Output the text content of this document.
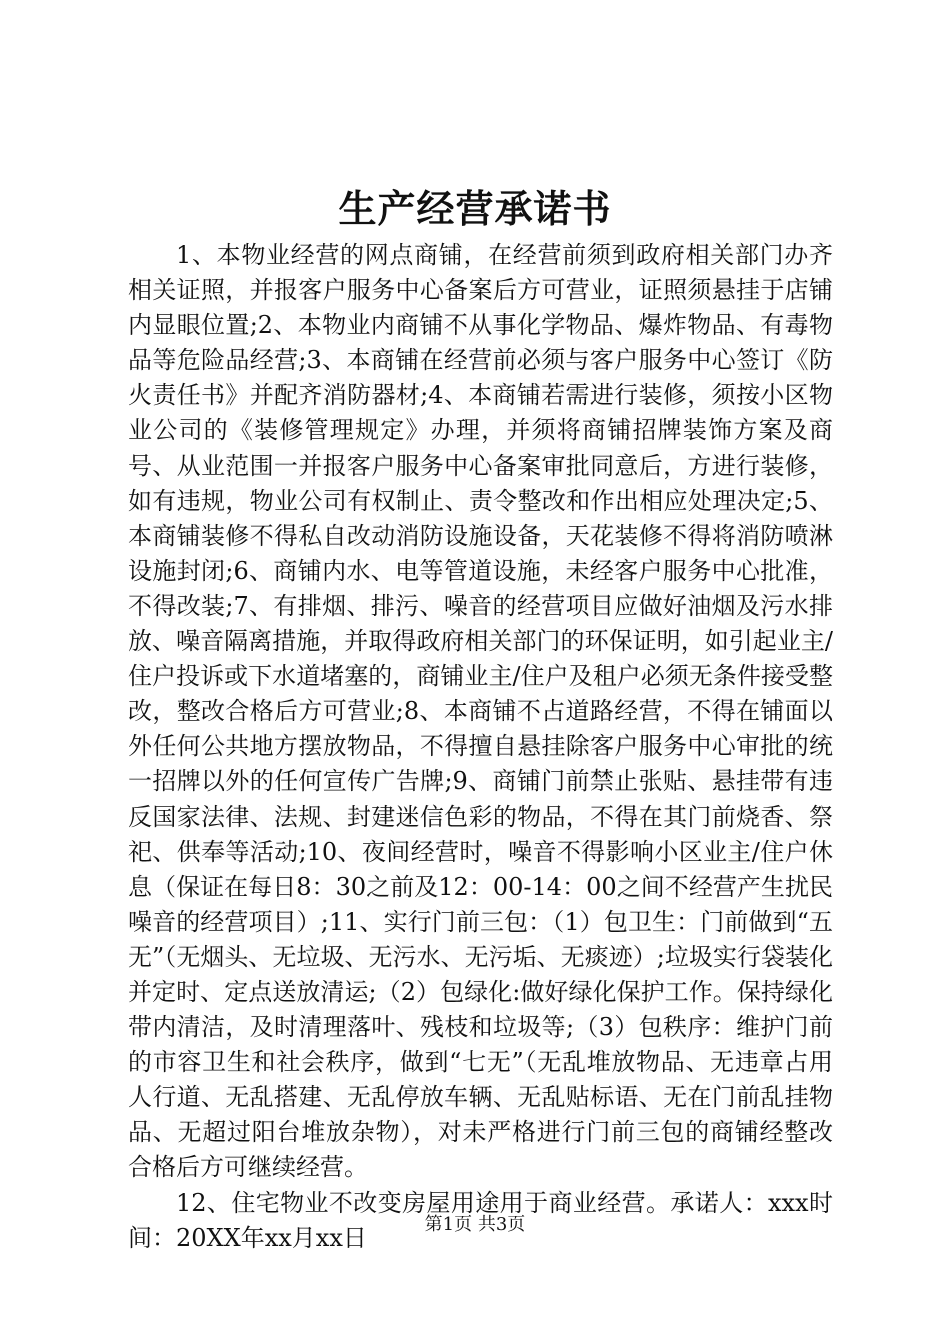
生产经营承诺书

1、本物业经营的网点商铺，在经营前须到政府相关部门办齐相关证照，并报客户服务中心备案后方可营业，证照须悬挂于店铺内显眼位置;2、本物业内商铺不从事化学物品、爆炸物品、有毒物品等危险品经营;3、本商铺在经营前必须与客户服务中心签订《防火责任书》并配齐消防器材;4、本商铺若需进行装修，须按小区物业公司的《装修管理规定》办理，并须将商铺招牌装饰方案及商号、从业范围一并报客户服务中心备案审批同意后，方进行装修，如有违规，物业公司有权制止、责令整改和作出相应处理决定;5、本商铺装修不得私自改动消防设施设备，天花装修不得将消防喷淋设施封闭;6、商铺内水、电等管道设施，未经客户服务中心批准，不得改装;7、有排烟、排污、噪音的经营项目应做好油烟及污水排放、噪音隔离措施，并取得政府相关部门的环保证明，如引起业主/住户投诉或下水道堵塞的，商铺业主/住户及租户必须无条件接受整改，整改合格后方可营业;8、本商铺不占道路经营，不得在铺面以外任何公共地方摆放物品，不得擅自悬挂除客户服务中心审批的统一招牌以外的任何宣传广告牌;9、商铺门前禁止张贴、悬挂带有违反国家法律、法规、封建迷信色彩的物品，不得在其门前烧香、祭祀、供奉等活动;10、夜间经营时，噪音不得影响小区业主/住户休息（保证在每日8：30之前及12：00-14：00之间不经营产生扰民噪音的经营项目）;11、实行门前三包：（1）包卫生：门前做到“五无”（无烟头、无垃圾、无污水、无污垢、无痰迹）;垃圾实行袋装化并定时、定点送放清运;（2）包绿化:做好绿化保护工作。保持绿化带内清洁，及时清理落叶、残枝和垃圾等;（3）包秩序：维护门前的市容卫生和社会秩序，做到“七无”（无乱堆放物品、无违章占用人行道、无乱搭建、无乱停放车辆、无乱贴标语、无在门前乱挂物品、无超过阳台堆放杂物），对未严格进行门前三包的商铺经整改合格后方可继续经营。

12、住宅物业不改变房屋用途用于商业经营。承诺人：xxx时间：20XX年xx月xx日	第1页 共3页
